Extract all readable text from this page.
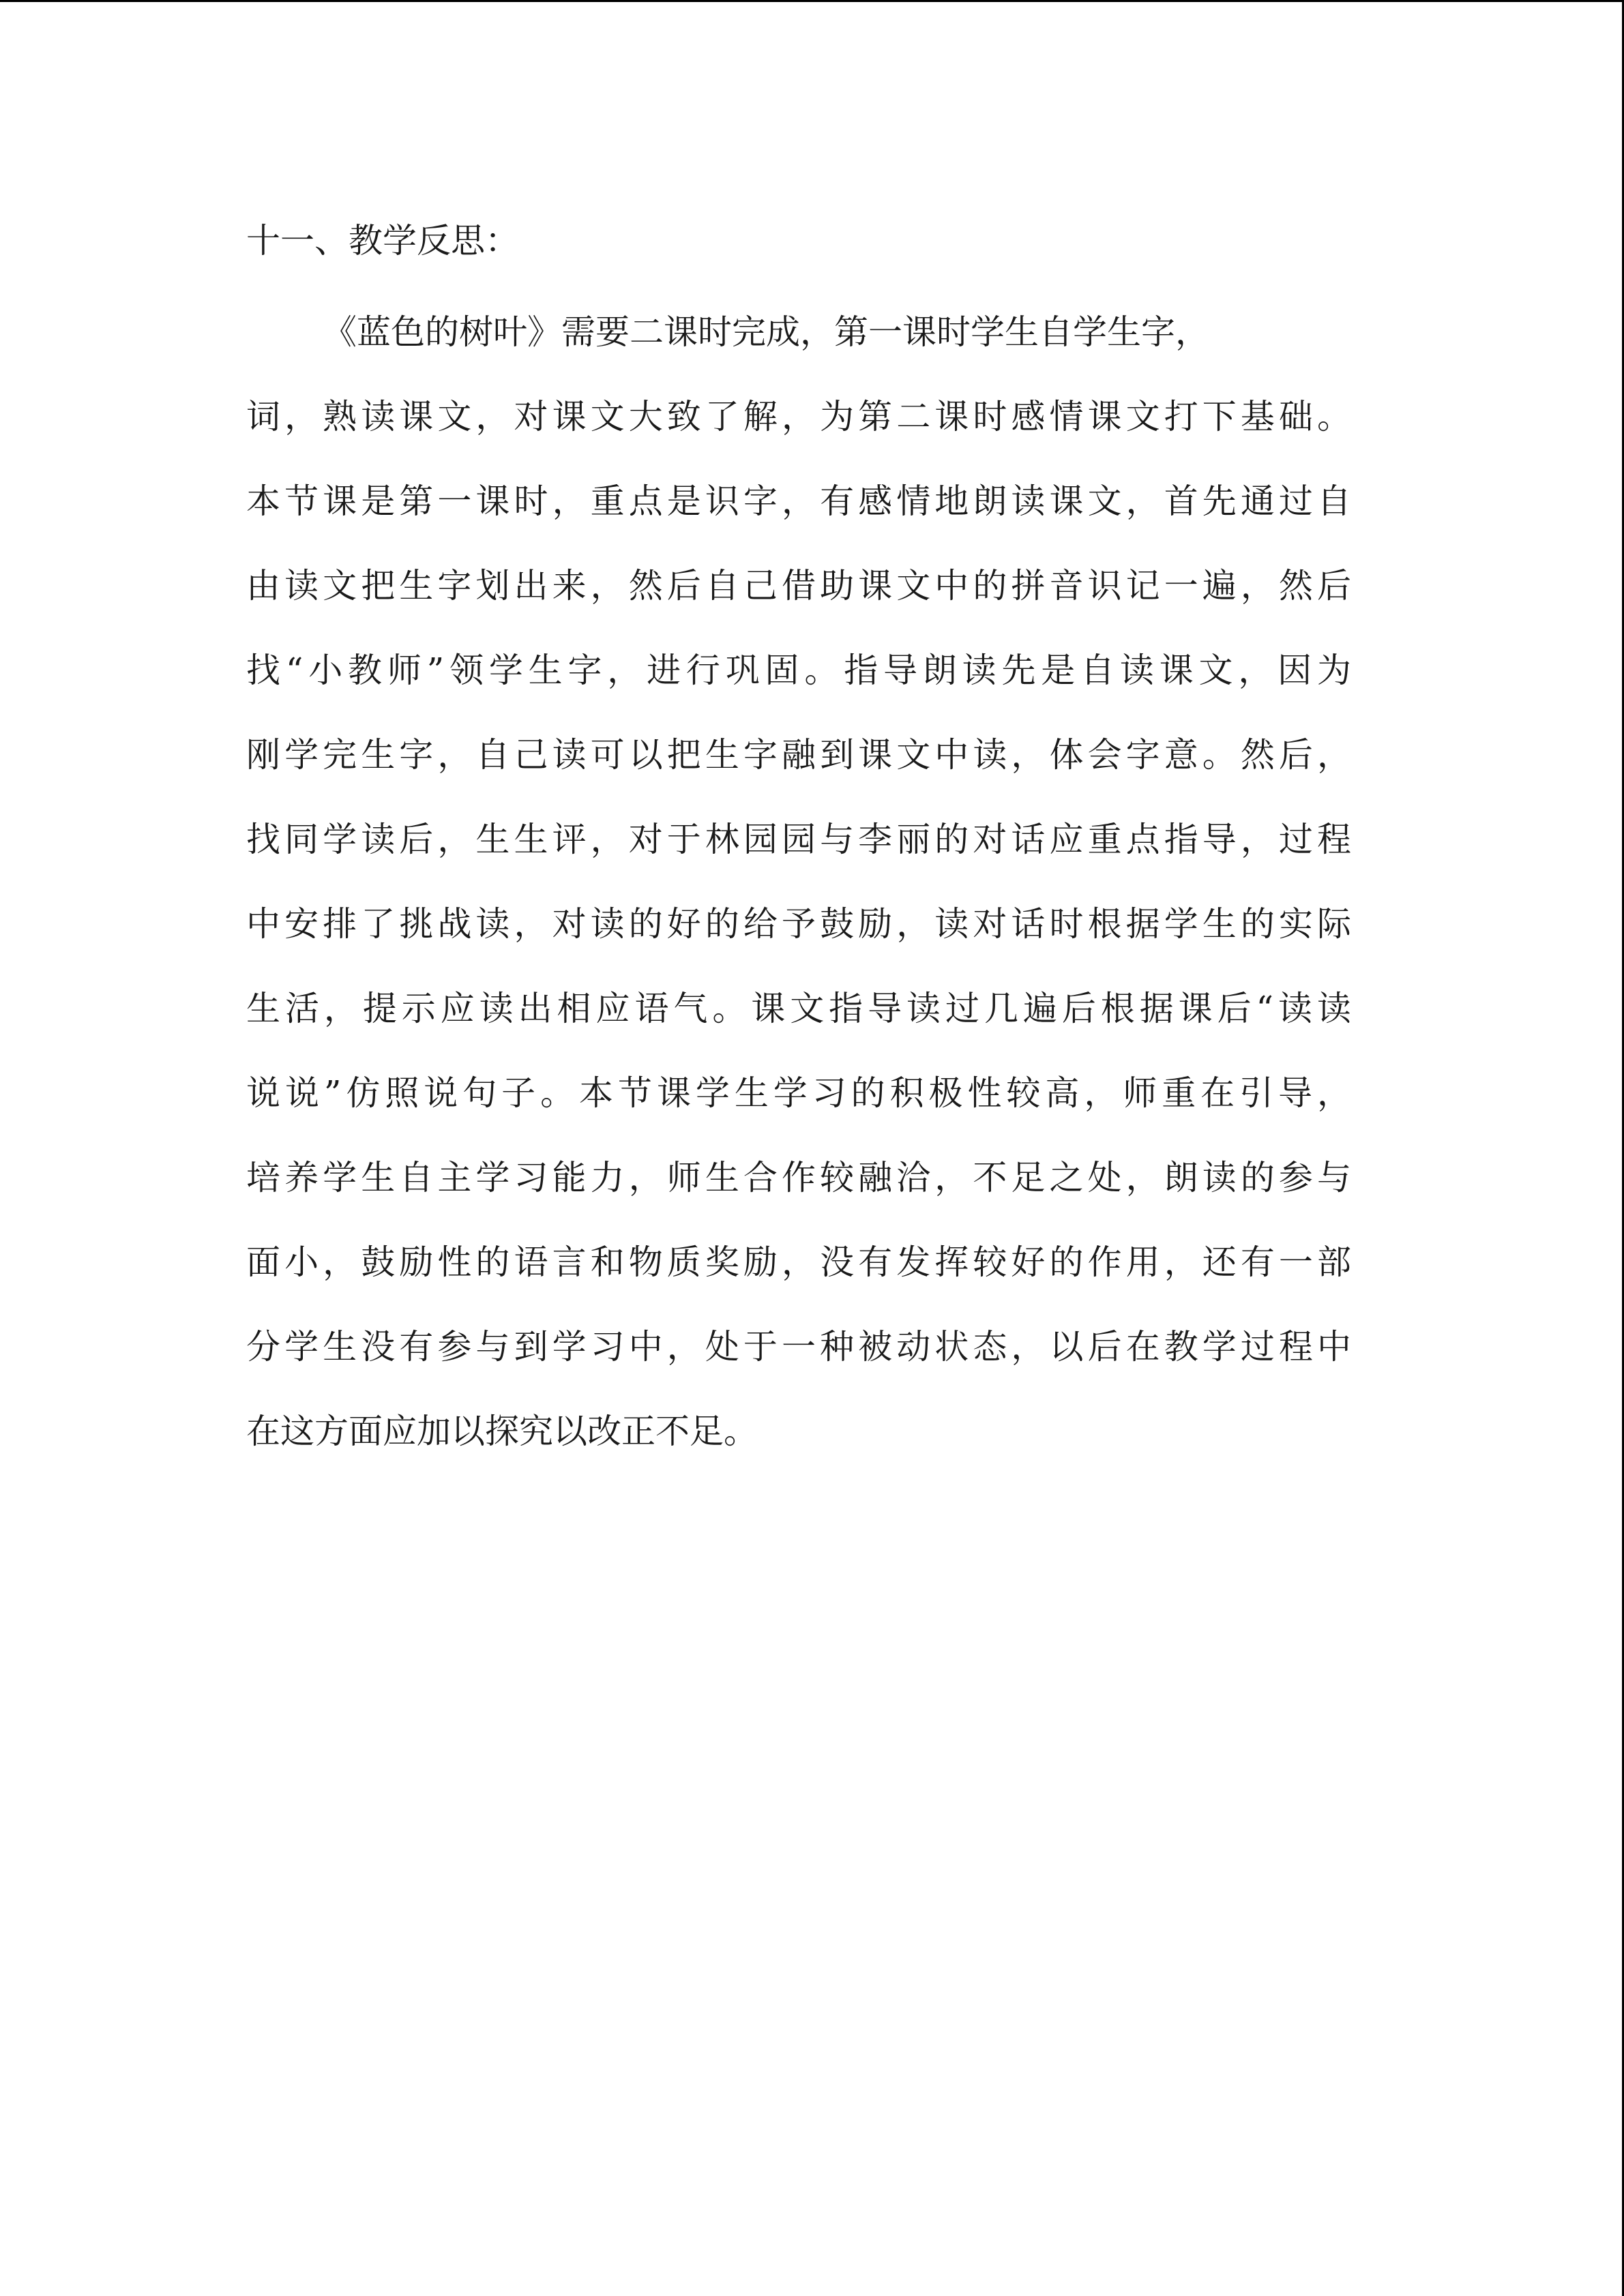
十一、教学反思：

《蓝色的树叶》需要二课时完成，第一课时学生自学生字，

词，熟读课文，对课文大致了解，为第二课时感情课文打下基础。

本节课是第一课时，重点是识字，有感情地朗读课文，首先通过自

由读文把生字划出来，然后自己借助课文中的拼音识记一遍，然后

找“小教师”领学生字，进行巩固。指导朗读先是自读课文，因为

刚学完生字，自己读可以把生字融到课文中读，体会字意。然后，

找同学读后，生生评，对于林园园与李丽的对话应重点指导，过程

中安排了挑战读，对读的好的给予鼓励，读对话时根据学生的实际

生活，提示应读出相应语气。课文指导读过几遍后根据课后“读读

说说”仿照说句子。本节课学生学习的积极性较高，师重在引导，

培养学生自主学习能力，师生合作较融洽，不足之处，朗读的参与

面小，鼓励性的语言和物质奖励，没有发挥较好的作用，还有一部

分学生没有参与到学习中，处于一种被动状态，以后在教学过程中

在这方面应加以探究以改正不足。
